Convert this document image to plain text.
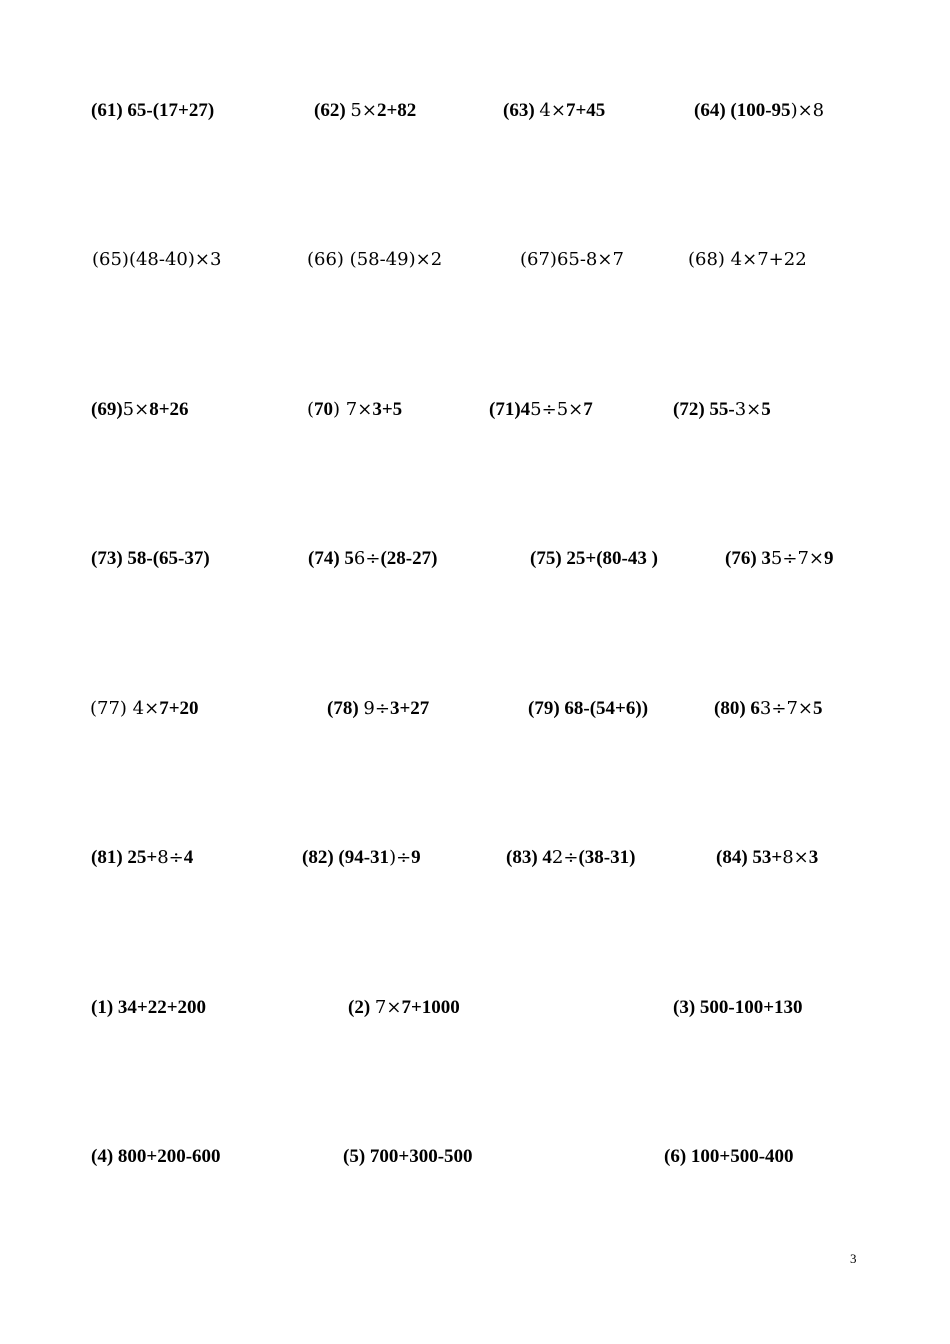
(61) 65-(17+27)	(62) 5×2+82	(63) 4×7+45	(64) (100-95)×8
(65)(48-40)×3	(66) (58-49)×2	(67)65-8×7	(68) 4×7+22
(69)5×8+26	(70) 7×3+5	(71)45÷5×7	(72) 55-3×5
(73) 58-(65-37)	(74) 56÷(28-27)	(75) 25+(80-43 )	(76) 35÷7×9
(77) 4×7+20	(78) 9÷3+27	(79) 68-(54+6))	(80) 63÷7×5
(81) 25+8÷4	(82) (94-31)÷9	(83) 42÷(38-31)	(84) 53+8×3
(1) 34+22+200	(2) 7×7+1000	(3) 500-100+130
(4) 800+200-600	(5) 700+300-500	(6) 100+500-400
3
